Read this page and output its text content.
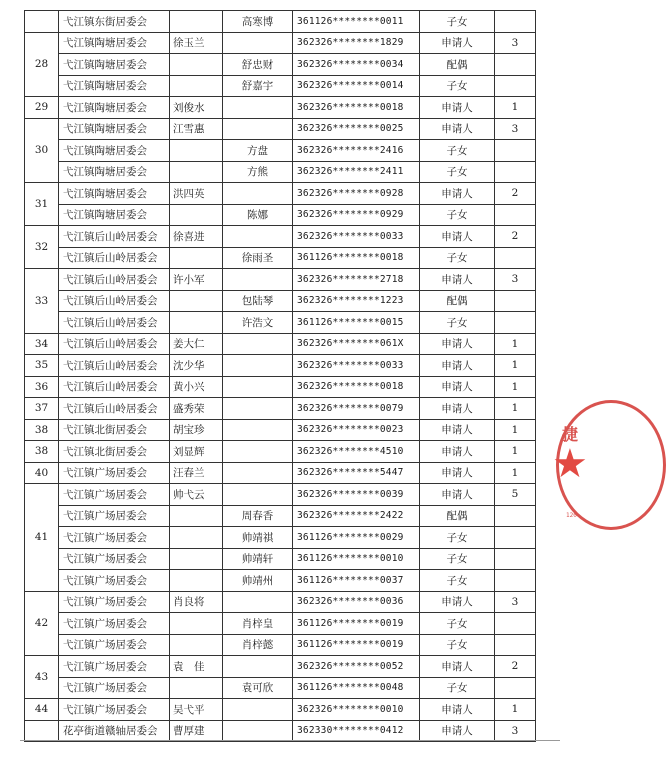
	弋江镇东街居委会		高寒博	361126********0011	子女	
28	弋江镇陶塘居委会	徐玉兰		362326********1829	申请人	3
	弋江镇陶塘居委会		舒忠财	362326********0034	配偶	
	弋江镇陶塘居委会		舒嘉宇	362326********0014	子女	
29	弋江镇陶塘居委会	刘俊水		362326********0018	申请人	1
30	弋江镇陶塘居委会	江雪惠		362326********0025	申请人	3
	弋江镇陶塘居委会		方盘	362326********2416	子女	
	弋江镇陶塘居委会		方熊	362326********2411	子女	
31	弋江镇陶塘居委会	洪四英		362326********0928	申请人	2
	弋江镇陶塘居委会		陈娜	362326********0929	子女	
32	弋江镇后山岭居委会	徐喜进		362326********0033	申请人	2
	弋江镇后山岭居委会		徐雨圣	361126********0018	子女	
33	弋江镇后山岭居委会	许小军		362326********2718	申请人	3
	弋江镇后山岭居委会		包陆琴	362326********1223	配偶	
	弋江镇后山岭居委会		许浩文	361126********0015	子女	
34	弋江镇后山岭居委会	姜大仁		362326********061X	申请人	1
35	弋江镇后山岭居委会	沈少华		362326********0033	申请人	1
36	弋江镇后山岭居委会	黄小兴		362326********0018	申请人	1
37	弋江镇后山岭居委会	盛秀荣		362326********0079	申请人	1
38	弋江镇北街居委会	胡宝珍		362326********0023	申请人	1
38	弋江镇北街居委会	刘显辉		362326********4510	申请人	1
40	弋江镇广场居委会	汪春兰		362326********5447	申请人	1
41	弋江镇广场居委会	帅弋云		362326********0039	申请人	5
	弋江镇广场居委会		周春香	362326********2422	配偶	
	弋江镇广场居委会		帅靖祺	361126********0029	子女	
	弋江镇广场居委会		帅靖轩	361126********0010	子女	
	弋江镇广场居委会		帅靖州	361126********0037	子女	
42	弋江镇广场居委会	肖良将		362326********0036	申请人	3
	弋江镇广场居委会		肖梓皇	361126********0019	子女	
	弋江镇广场居委会		肖梓懿	361126********0019	子女	
43	弋江镇广场居委会	袁　佳		362326********0052	申请人	2
	弋江镇广场居委会		袁可欣	361126********0048	子女	
44	弋江镇广场居委会	吴弋平		362326********0010	申请人	1
	花亭街道赣轴居委会	曹厚建		362330********0412	申请人	3
捷
★
120
